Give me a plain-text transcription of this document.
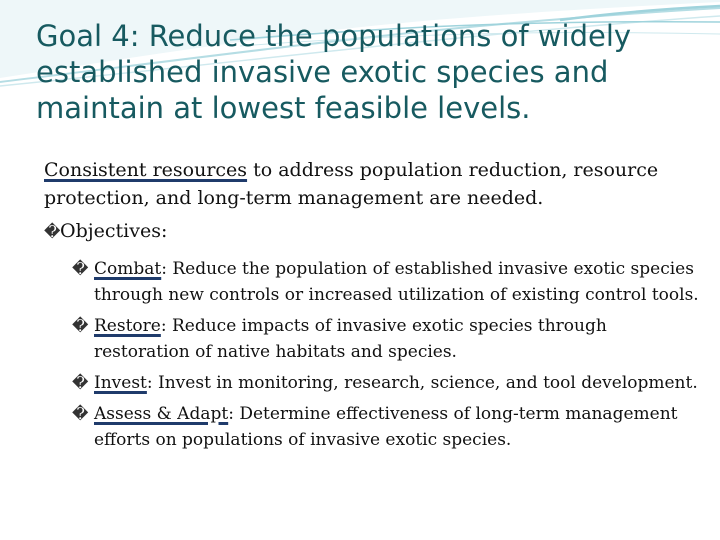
Goal 4: Reduce the populations of widely established invasive exotic species and maintain at lowest feasible levels.

Consistent resources to address population reduction, resource protection, and long-term management are needed.

�Objectives:

� Combat: Reduce the population of established invasive exotic species through new controls or increased utilization of existing control tools.
� Restore: Reduce impacts of invasive exotic species through restoration of native habitats and species.
� Invest: Invest in monitoring, research, science, and tool development.
� Assess & Adapt: Determine effectiveness of long-term management efforts on populations of invasive exotic species.
